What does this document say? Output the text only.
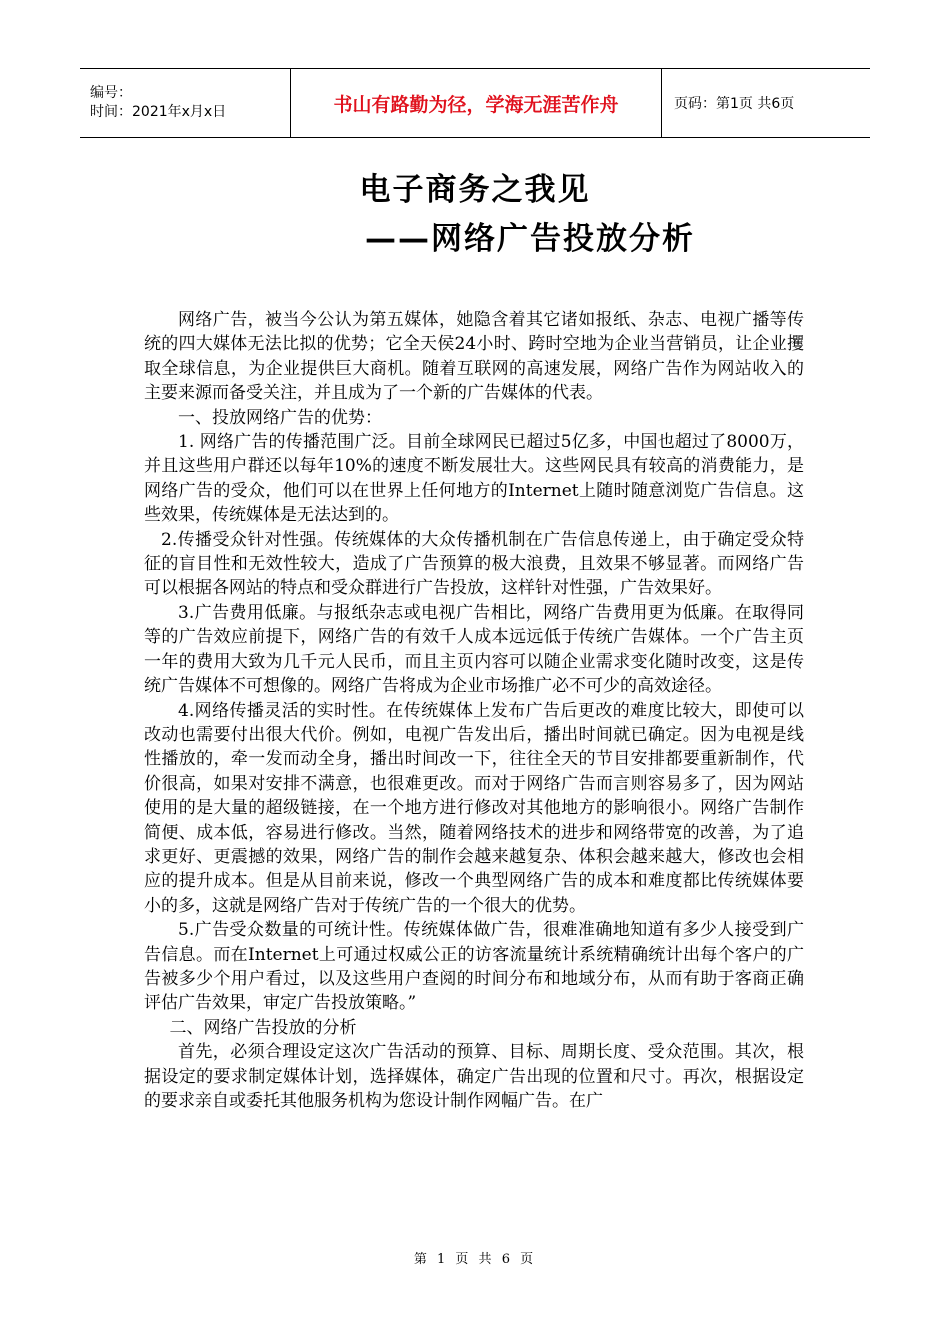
编号：
时间：2021年x月x日	书山有路勤为径，学海无涯苦作舟	页码：第1页 共6页
电子商务之我见
——网络广告投放分析

网络广告，被当今公认为第五媒体，她隐含着其它诸如报纸、杂志、电视广播等传统的四大媒体无法比拟的优势；它全天侯24小时、跨时空地为企业当营销员，让企业攫取全球信息，为企业提供巨大商机。随着互联网的高速发展，网络广告作为网站收入的主要来源而备受关注，并且成为了一个新的广告媒体的代表。

一、投放网络广告的优势：

1. 网络广告的传播范围广泛。目前全球网民已超过5亿多，中国也超过了8000万，并且这些用户群还以每年10%的速度不断发展壮大。这些网民具有较高的消费能力，是网络广告的受众，他们可以在世界上任何地方的Internet上随时随意浏览广告信息。这些效果，传统媒体是无法达到的。

2.传播受众针对性强。传统媒体的大众传播机制在广告信息传递上，由于确定受众特征的盲目性和无效性较大，造成了广告预算的极大浪费，且效果不够显著。而网络广告可以根据各网站的特点和受众群进行广告投放，这样针对性强，广告效果好。

3.广告费用低廉。与报纸杂志或电视广告相比，网络广告费用更为低廉。在取得同等的广告效应前提下，网络广告的有效千人成本远远低于传统广告媒体。一个广告主页一年的费用大致为几千元人民币，而且主页内容可以随企业需求变化随时改变，这是传统广告媒体不可想像的。网络广告将成为企业市场推广必不可少的高效途径。

4.网络传播灵活的实时性。在传统媒体上发布广告后更改的难度比较大，即使可以改动也需要付出很大代价。例如，电视广告发出后，播出时间就已确定。因为电视是线性播放的，牵一发而动全身，播出时间改一下，往往全天的节目安排都要重新制作，代价很高，如果对安排不满意，也很难更改。而对于网络广告而言则容易多了，因为网站使用的是大量的超级链接，在一个地方进行修改对其他地方的影响很小。网络广告制作简便、成本低，容易进行修改。当然，随着网络技术的进步和网络带宽的改善，为了追求更好、更震撼的效果，网络广告的制作会越来越复杂、体积会越来越大，修改也会相应的提升成本。但是从目前来说，修改一个典型网络广告的成本和难度都比传统媒体要小的多，这就是网络广告对于传统广告的一个很大的优势。

5.广告受众数量的可统计性。传统媒体做广告，很难准确地知道有多少人接受到广告信息。而在Internet上可通过权威公正的访客流量统计系统精确统计出每个客户的广告被多少个用户看过，以及这些用户查阅的时间分布和地域分布，从而有助于客商正确评估广告效果，审定广告投放策略。”

二、网络广告投放的分析

首先，必须合理设定这次广告活动的预算、目标、周期长度、受众范围。其次，根据设定的要求制定媒体计划，选择媒体，确定广告出现的位置和尺寸。再次，根据设定的要求亲自或委托其他服务机构为您设计制作网幅广告。在广

第 1 页 共 6 页
